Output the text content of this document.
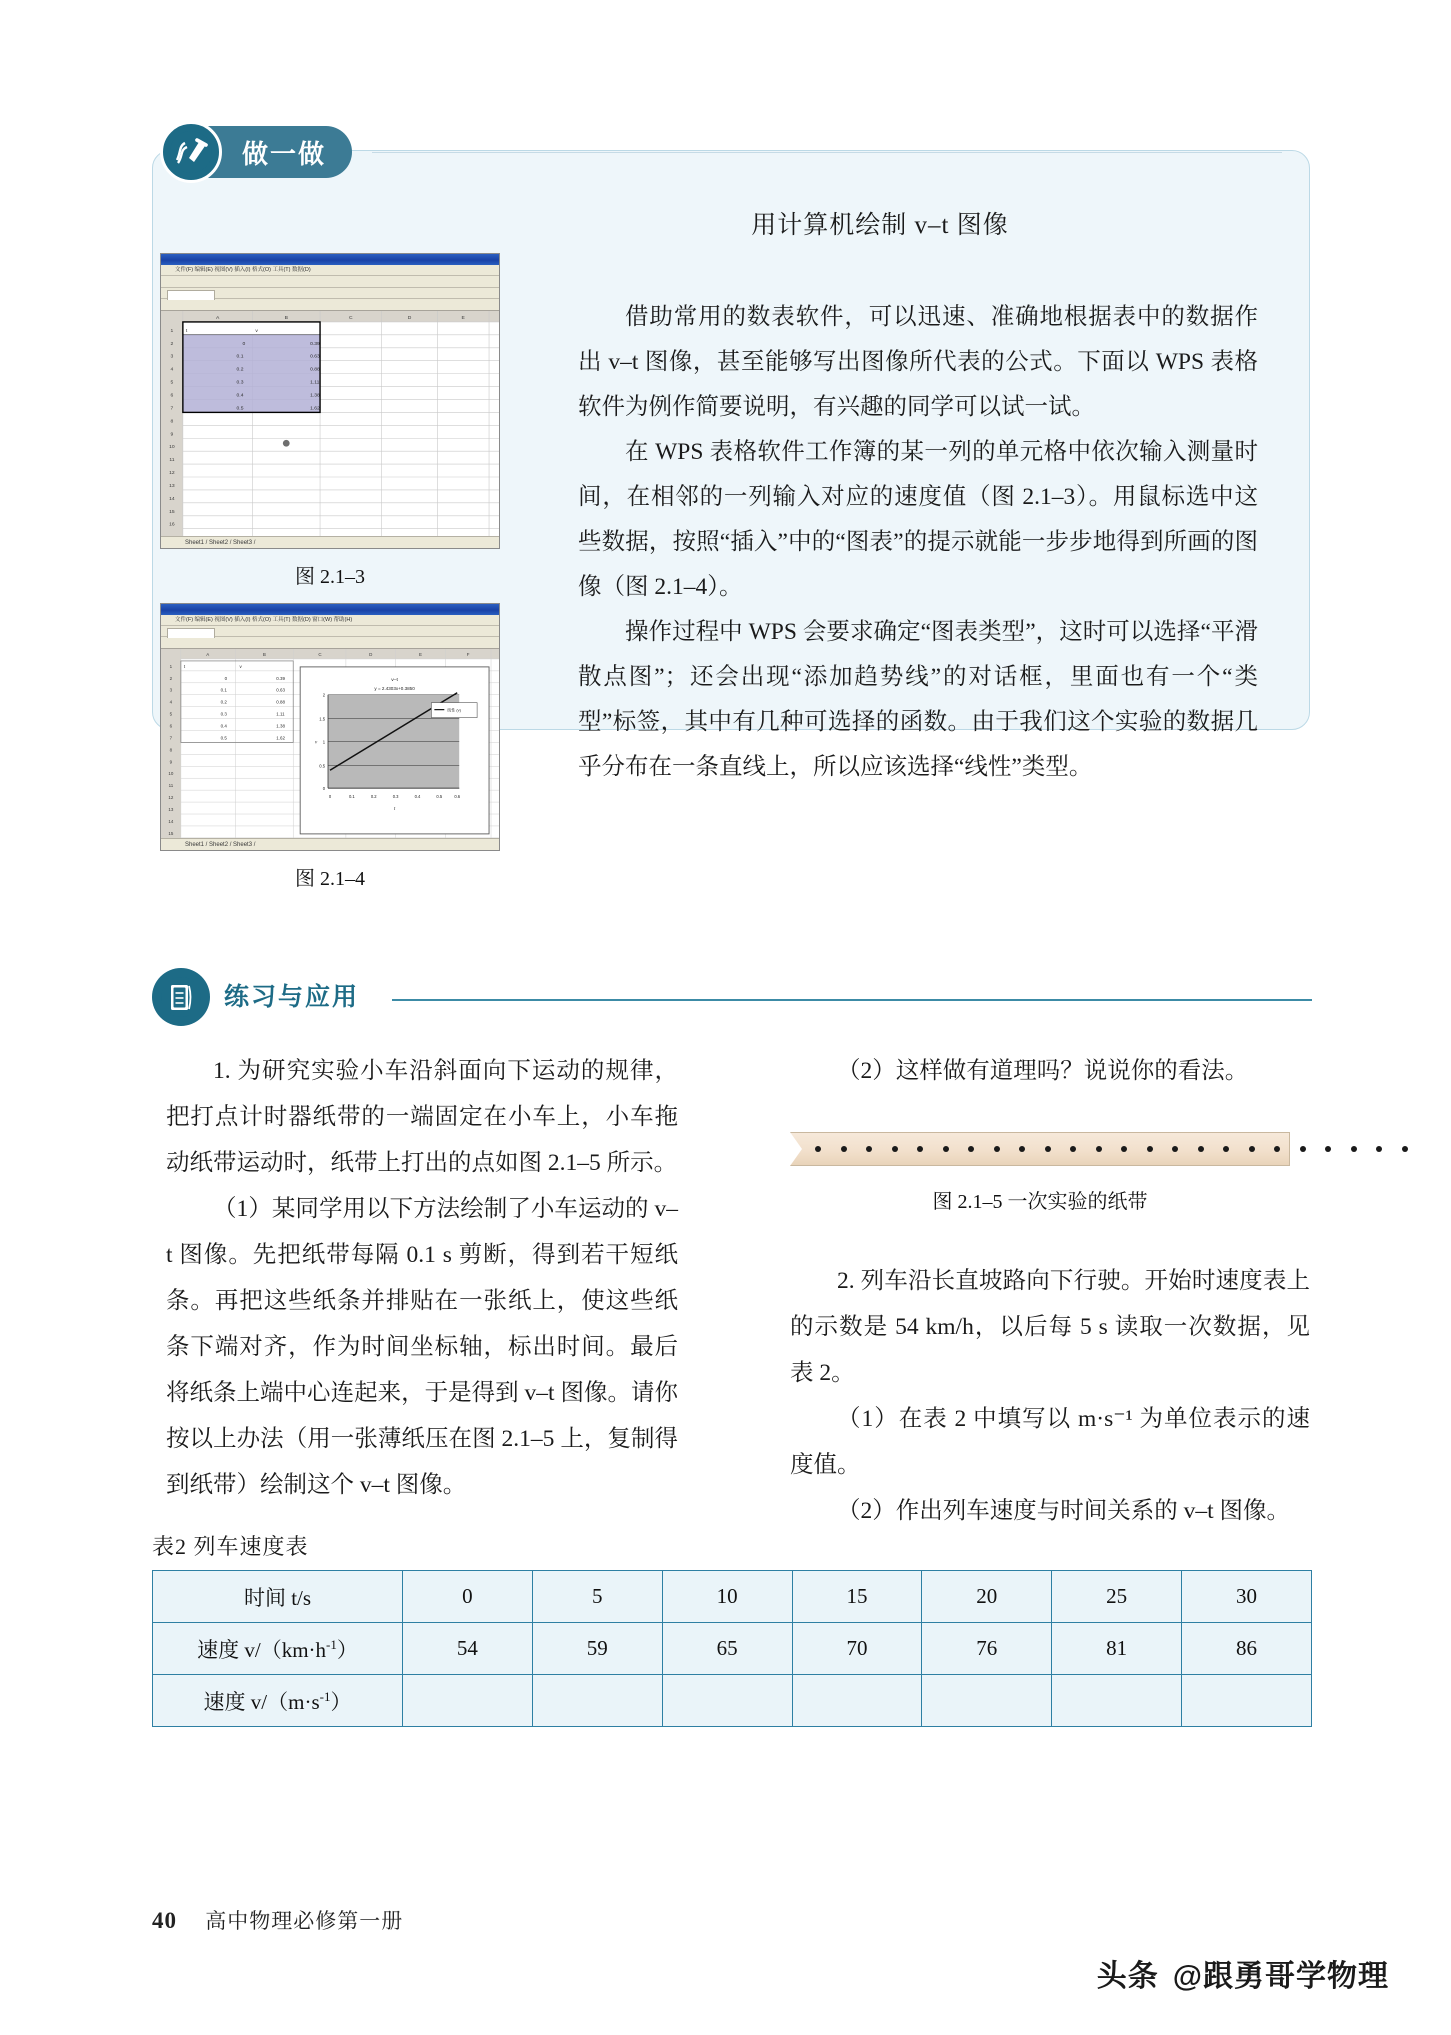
做一做
文件(F) 编辑(E) 视图(V) 插入(I) 格式(O) 工具(T) 数据(D)
t	v
0	0.39
0.1	0.63
0.2	0.88
0.3	1.11
0.4	1.38
0.5	1.62
A	B	C	D	E
1
2
3
4
5
6
7
8
9
10
11
12
13
14
15
16
Sheet1 / Sheet2 / Sheet3 /
图 2.1–3
文件(F) 编辑(E) 视图(V) 插入(I) 格式(O) 工具(T) 数据(D) 窗口(W) 帮助(H)
A	B	C	D	E	F
1
2
3
4
5
6
7
8
9
10
11
12
13
14
15
t	v
0	0.39
0.1	0.63
0.2	0.88
0.3	1.11
0.4	1.38
0.5	1.62
v–t
y = 2.4303x+0.3850
2
1.5
1
0.5
0
0	0.1	0.2	0.3	0.4	0.5	0.6
t
v
线性 (v)
Sheet1 / Sheet2 / Sheet3 /
图 2.1–4
用计算机绘制 v–t 图像

借助常用的数表软件，可以迅速、准确地根据表中的数据作出 v–t 图像，甚至能够写出图像所代表的公式。下面以 WPS 表格软件为例作简要说明，有兴趣的同学可以试一试。

在 WPS 表格软件工作簿的某一列的单元格中依次输入测量时间，在相邻的一列输入对应的速度值（图 2.1–3）。用鼠标选中这些数据，按照“插入”中的“图表”的提示就能一步步地得到所画的图像（图 2.1–4）。

操作过程中 WPS 会要求确定“图表类型”，这时可以选择“平滑散点图”；还会出现“添加趋势线”的对话框，里面也有一个“类型”标签，其中有几种可选择的函数。由于我们这个实验的数据几乎分布在一条直线上，所以应该选择“线性”类型。

练习与应用

1. 为研究实验小车沿斜面向下运动的规律，把打点计时器纸带的一端固定在小车上，小车拖动纸带运动时，纸带上打出的点如图 2.1–5 所示。

（1）某同学用以下方法绘制了小车运动的 v–t 图像。先把纸带每隔 0.1 s 剪断，得到若干短纸条。再把这些纸条并排贴在一张纸上，使这些纸条下端对齐，作为时间坐标轴，标出时间。最后将纸条上端中心连起来，于是得到 v–t 图像。请你按以上办法（用一张薄纸压在图 2.1–5 上，复制得到纸带）绘制这个 v–t 图像。

（2）这样做有道理吗？说说你的看法。

图 2.1–5 一次实验的纸带

2. 列车沿长直坡路向下行驶。开始时速度表上的示数是 54 km/h，以后每 5 s 读取一次数据，见表 2。

（1）在表 2 中填写以 m·s⁻¹ 为单位表示的速度值。

（2）作出列车速度与时间关系的 v–t 图像。

表2 列车速度表
时间 t/s	0	5	10	15	20	25	30
速度 $v/(km\cdot h^{-1})$	54	59	65	70	76	81	86
速度 $v/(m\cdot s^{-1})$							
40 高中物理必修第一册
头条 @跟勇哥学物理
